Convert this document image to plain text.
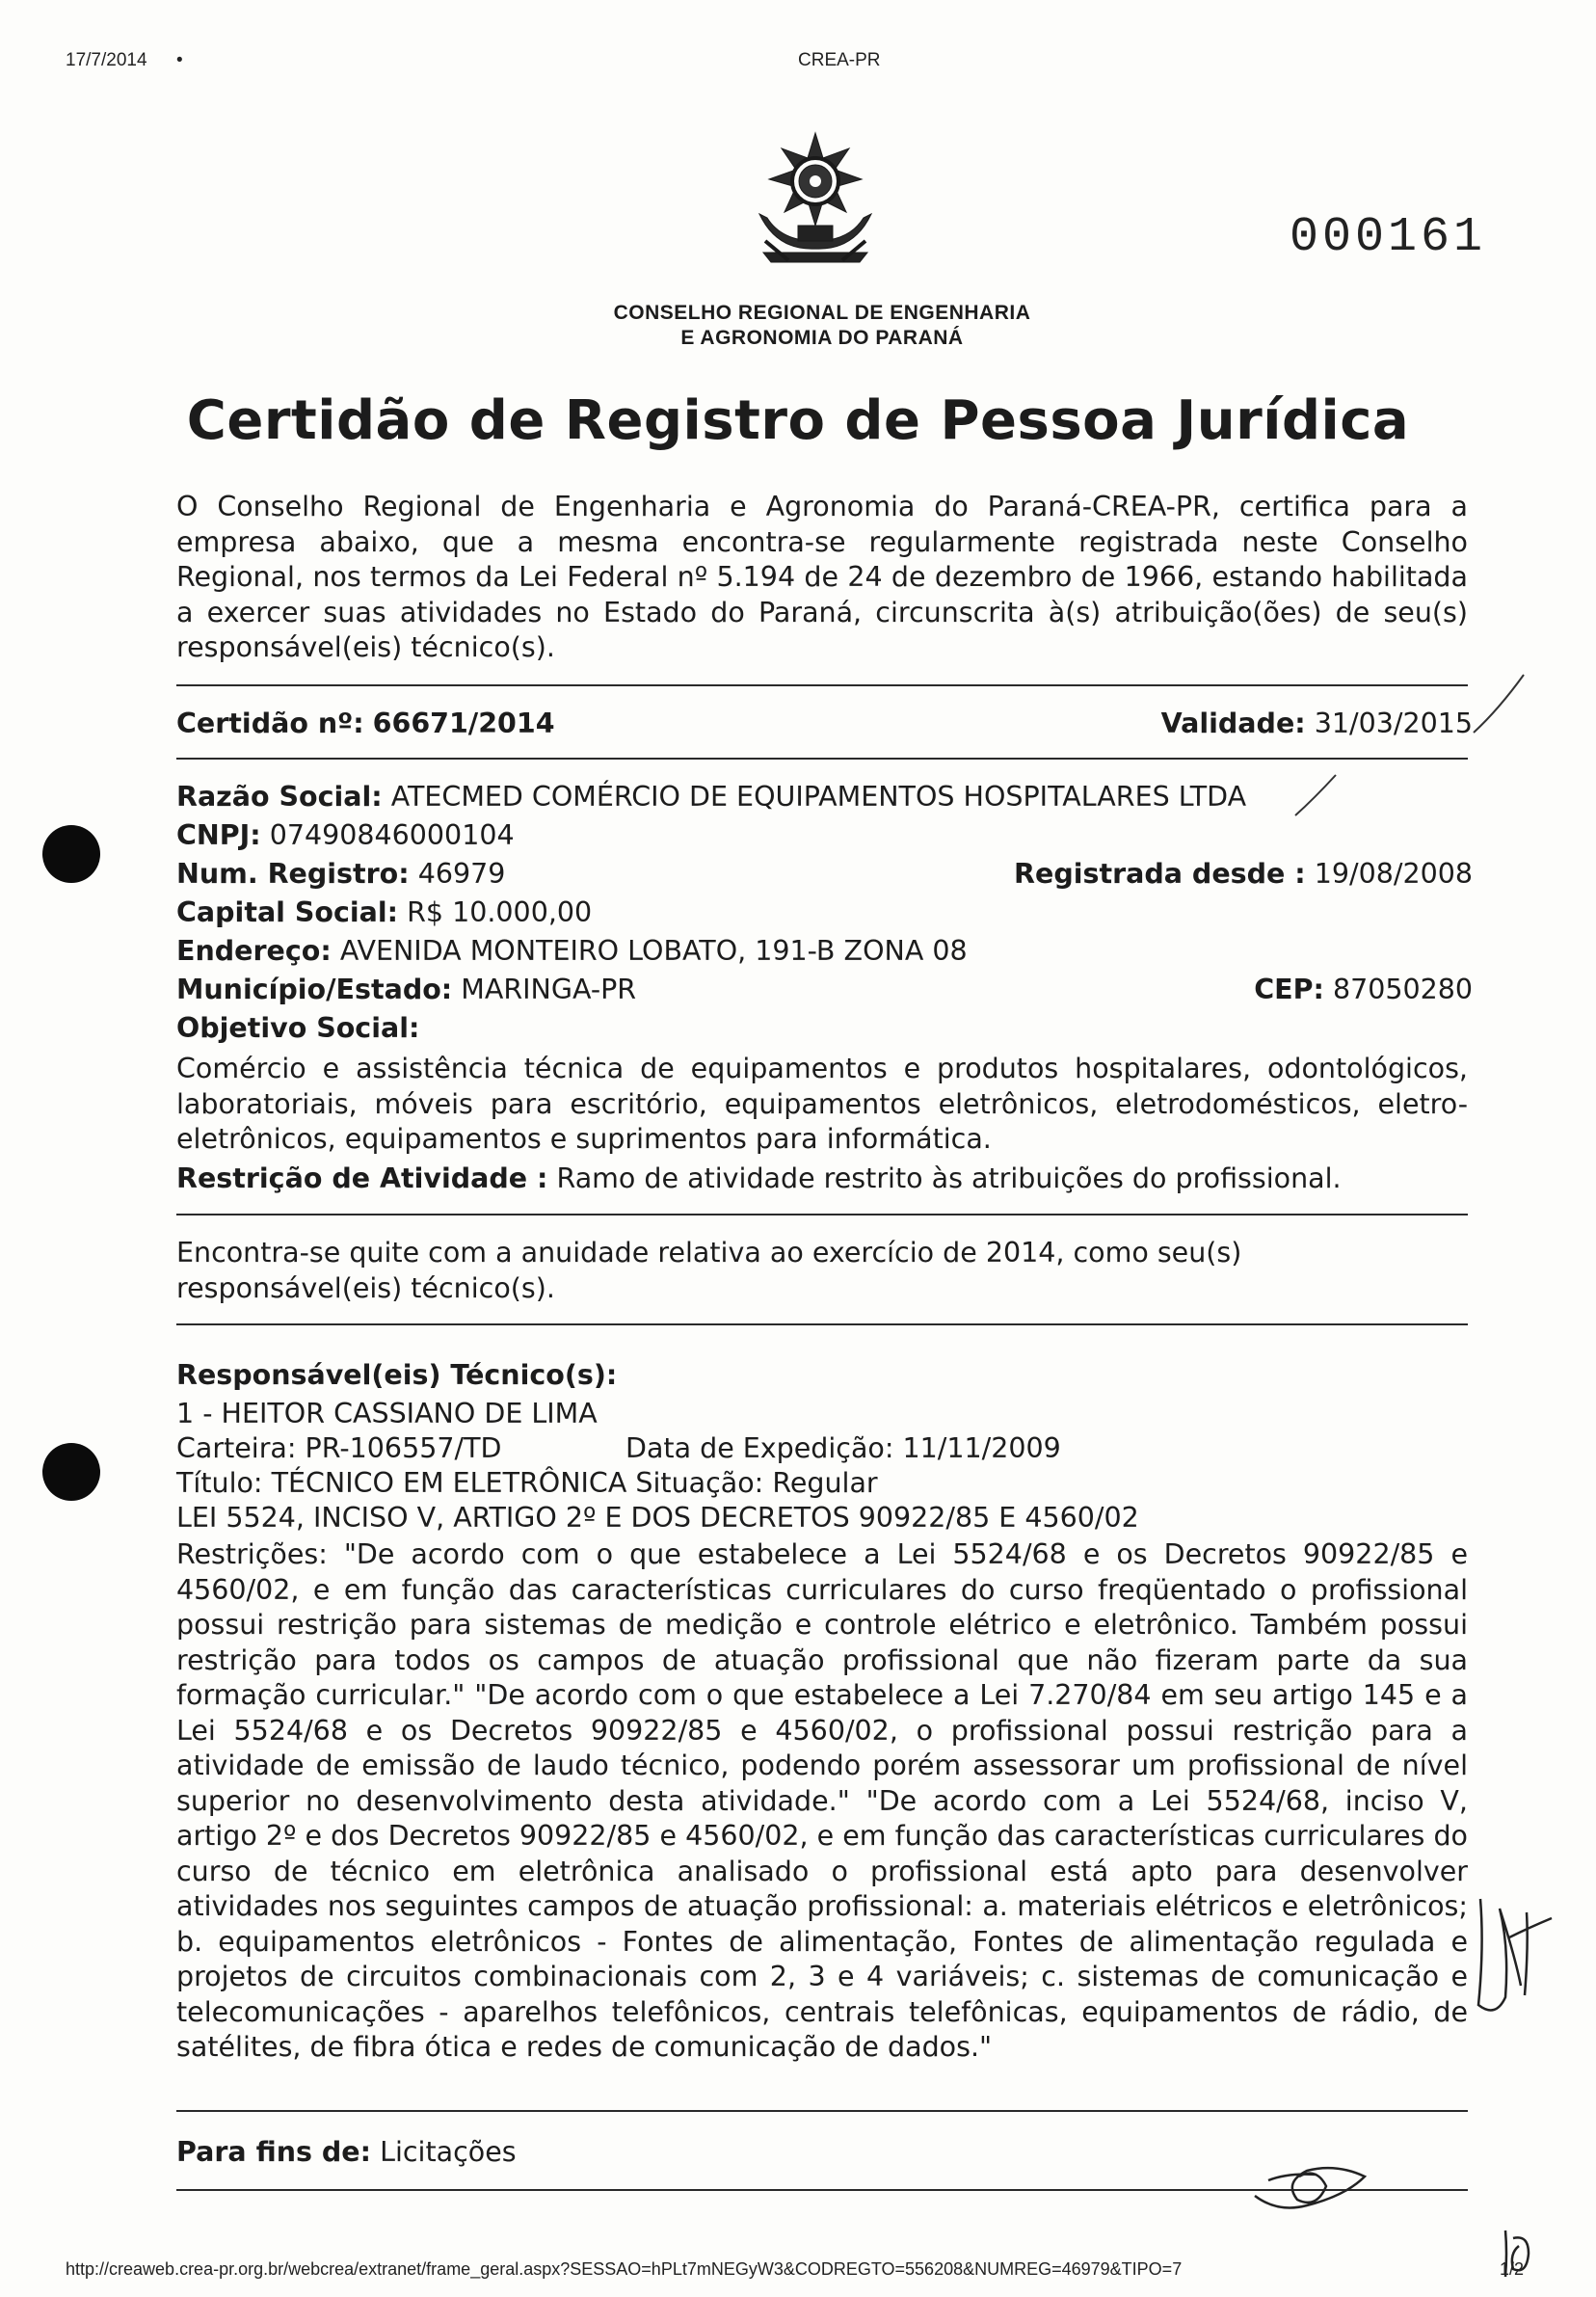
17/7/2014 •	CREA-PR
000161
CONSELHO REGIONAL DE ENGENHARIA
E AGRONOMIA DO PARANÁ
Certidão de Registro de Pessoa Jurídica
O Conselho Regional de Engenharia e Agronomia do Paraná-CREA-PR, certifica para a empresa abaixo, que a mesma encontra-se regularmente registrada neste Conselho Regional, nos termos da Lei Federal nº 5.194 de 24 de dezembro de 1966, estando habilitada a exercer suas atividades no Estado do Paraná, circunscrita à(s) atribuição(ões) de seu(s) responsável(eis) técnico(s).
Certidão nº: 66671/2014	Validade: 31/03/2015
Razão Social: ATECMED COMÉRCIO DE EQUIPAMENTOS HOSPITALARES LTDA
CNPJ: 07490846000104
Num. Registro: 46979	Registrada desde : 19/08/2008
Capital Social: R$ 10.000,00
Endereço: AVENIDA MONTEIRO LOBATO, 191-B ZONA 08
Município/Estado: MARINGA-PR	CEP: 87050280
Objetivo Social:
Comércio e assistência técnica de equipamentos e produtos hospitalares, odontológicos, laboratoriais, móveis para escritório, equipamentos eletrônicos, eletrodomésticos, eletro-eletrônicos, equipamentos e suprimentos para informática.
Restrição de Atividade : Ramo de atividade restrito às atribuições do profissional.
Encontra-se quite com a anuidade relativa ao exercício de 2014, como seu(s) responsável(eis) técnico(s).
Responsável(eis) Técnico(s):
1 - HEITOR CASSIANO DE LIMA
Carteira: PR-106557/TD	Data de Expedição: 11/11/2009
Título: TÉCNICO EM ELETRÔNICA Situação: Regular
LEI 5524, INCISO V, ARTIGO 2º E DOS DECRETOS 90922/85 E 4560/02
Restrições: "De acordo com o que estabelece a Lei 5524/68 e os Decretos 90922/85 e 4560/02, e em função das características curriculares do curso freqüentado o profissional possui restrição para sistemas de medição e controle elétrico e eletrônico. Também possui restrição para todos os campos de atuação profissional que não fizeram parte da sua formação curricular." "De acordo com o que estabelece a Lei 7.270/84 em seu artigo 145 e a Lei 5524/68 e os Decretos 90922/85 e 4560/02, o profissional possui restrição para a atividade de emissão de laudo técnico, podendo porém assessorar um profissional de nível superior no desenvolvimento desta atividade." "De acordo com a Lei 5524/68, inciso V, artigo 2º e dos Decretos 90922/85 e 4560/02, e em função das características curriculares do curso de técnico em eletrônica analisado o profissional está apto para desenvolver atividades nos seguintes campos de atuação profissional: a. materiais elétricos e eletrônicos; b. equipamentos eletrônicos - Fontes de alimentação, Fontes de alimentação regulada e projetos de circuitos combinacionais com 2, 3 e 4 variáveis; c. sistemas de comunicação e telecomunicações - aparelhos telefônicos, centrais telefônicas, equipamentos de rádio, de satélites, de fibra ótica e redes de comunicação de dados."
Para fins de: Licitações
http://creaweb.crea-pr.org.br/webcrea/extranet/frame_geral.aspx?SESSAO=hPLt7mNEGyW3&CODREGTO=556208&NUMREG=46979&TIPO=7	1/2
